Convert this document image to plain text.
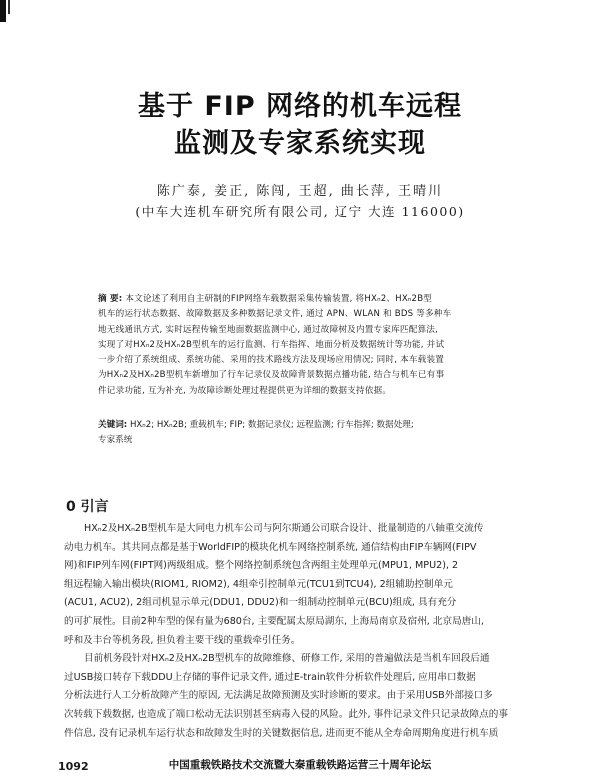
基于 FIP 网络的机车远程
监测及专家系统实现
陈广泰, 姜正, 陈闯, 王超, 曲长萍, 王晴川
(中车大连机车研究所有限公司, 辽宁 大连 116000)
摘 要: 本文论述了利用自主研制的FIP网络车载数据采集传输装置, 将HXₙ2、HXₙ2B型
机车的运行状态数据、故障数据及多种数据记录文件, 通过 APN、WLAN 和 BDS 等多种车
地无线通讯方式, 实时远程传输至地面数据监测中心, 通过故障树及内置专家库匹配算法,
实现了对HXₙ2及HXₙ2B型机车的运行监测、行车指挥、地面分析及数据统计等功能, 并试
一步介绍了系统组成、系统功能、采用的技术路线方法及现场应用情况; 同时, 本车载装置
为HXₙ2及HXₙ2B型机车新增加了行车记录仪及故障背景数据点播功能, 结合与机车已有事
件记录功能, 互为补充, 为故障诊断处理过程提供更为详细的数据支持依据。
关键词: HXₙ2; HXₙ2B; 重载机车; FIP; 数据记录仪; 远程监测; 行车指挥; 数据处理;
专家系统
0 引言
HXₙ2及HXₙ2B型机车是大同电力机车公司与阿尔斯通公司联合设计、批量制造的八轴重交流传
动电力机车。其共同点都是基于WorldFIP的模块化机车网络控制系统, 通信结构由FIP车辆网(FIPV
网)和FIP列车网(FIPT网)两级组成。整个网络控制系统包含两组主处理单元(MPU1, MPU2), 2
组远程输入输出模块(RIOM1, RIOM2), 4组牵引控制单元(TCU1到TCU4), 2组辅助控制单元
(ACU1, ACU2), 2组司机显示单元(DDU1, DDU2)和一组制动控制单元(BCU)组成, 具有充分
的可扩展性。目前2种车型的保有量为680台, 主要配属太原局湖东, 上海局南京及宿州, 北京局唐山,
呼和及丰台等机务段, 担负着主要干线的重载牵引任务。
目前机务段针对HXₙ2及HXₙ2B型机车的故障维修、研修工作, 采用的普遍做法是当机车回段后通
过USB接口转存下载DDU上存储的事件记录文件, 通过E-train软件分析软件处理后, 应用串口数据
分析法进行人工分析故障产生的原因, 无法满足故障预测及实时诊断的要求。由于采用USB外部接口多
次转载下载数据, 也造成了端口松动无法识别甚至病毒入侵的风险。此外, 事件记录文件只记录故障点的事
件信息, 没有记录机车运行状态和故障发生时的关键数据信息, 进而更不能从全寿命周期角度进行机车质
1092	中国重载铁路技术交流暨大秦重载铁路运营三十周年论坛
